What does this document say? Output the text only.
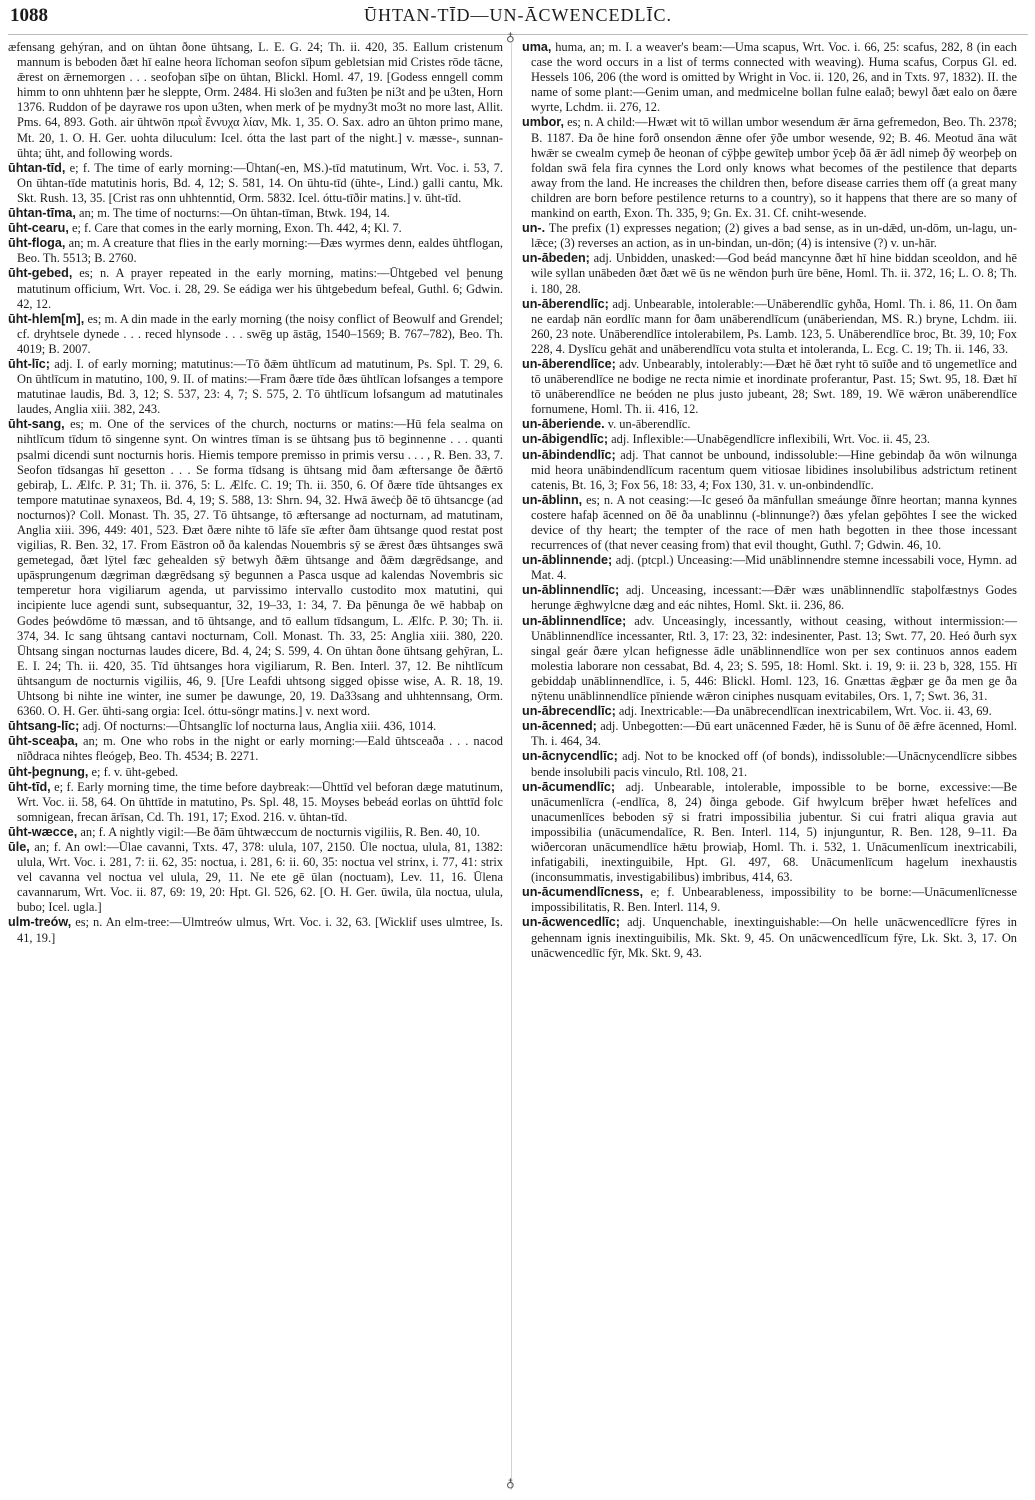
1088	ŪHTAN-TĪD—UN-ĀCWENCEDLĪC.
♁

æfensang gehýran, and on ūhtan ðone ūhtsang, L. E. G. 24; Th. ii. 420, 35. Eallum cristenum mannum is beboden ðæt hī ealne heora līchoman seofon sīþum gebletsian mid Cristes rōde tācne, ǣrest on ǣrnemorgen . . . seofoþan sīþe on ūhtan, Blickl. Homl. 47, 19. [Godess enngell comm himm to onn uhhtenn þær he sleppte, Orm. 2484. Hi slo3en and fu3ten þe ni3t and þe u3ten, Horn 1376. Ruddon of þe dayrawe ros upon u3ten, when merk of þe mydny3t mo3t no more last, Allit. Pms. 64, 893. Goth. air ūhtwōn πρωῒ ἔννυχα λίαν, Mk. 1, 35. O. Sax. adro an ūhton primo mane, Mt. 20, 1. O. H. Ger. uohta diluculum: Icel. ótta the last part of the night.] v. mæsse-, sunnan-ūhta; ūht, and following words.

ūhtan-tīd, e; f. The time of early morning:—Ūhtan(-en, MS.)-tīd matutinum, Wrt. Voc. i. 53, 7. On ūhtan-tīde matutinis horis, Bd. 4, 12; S. 581, 14. On ūhtu-tīd (ūhte-, Lind.) galli cantu, Mk. Skt. Rush. 13, 35. [Crist ras onn uhhtenntid, Orm. 5832. Icel. óttu-tīðir matins.] v. ūht-tīd.

ūhtan-tīma, an; m. The time of nocturns:—On ūhtan-tīman, Btwk. 194, 14.

ūht-cearu, e; f. Care that comes in the early morning, Exon. Th. 442, 4; Kl. 7.

ūht-floga, an; m. A creature that flies in the early morning:—Ðæs wyrmes denn, ealdes ūhtflogan, Beo. Th. 5513; B. 2760.

ūht-gebed, es; n. A prayer repeated in the early morning, matins:—Ūhtgebed vel þenung matutinum officium, Wrt. Voc. i. 28, 29. Se eádiga wer his ūhtgebedum befeal, Guthl. 6; Gdwin. 42, 12.

ūht-hlem[m], es; m. A din made in the early morning (the noisy conflict of Beowulf and Grendel; cf. dryhtsele dynede . . . reced hlynsode . . . swēg up āstāg, 1540–1569; B. 767–782), Beo. Th. 4019; B. 2007.

ūht-līc; adj. I. of early morning; matutinus:—Tō ðǣm ūhtlīcum ad matutinum, Ps. Spl. T. 29, 6. On ūhtlīcum in matutino, 100, 9. II. of matins:—Fram ðære tīde ðæs ūhtlīcan lofsanges a tempore matutinae laudis, Bd. 3, 12; S. 537, 23: 4, 7; S. 575, 2. Tō ūhtlīcum lofsangum ad matutinales laudes, Anglia xiii. 382, 243.

ūht-sang, es; m. One of the services of the church, nocturns or matins:—Hū fela sealma on nihtlīcum tīdum tō singenne synt. On wintres tīman is se ūhtsang þus tō beginnenne . . . quanti psalmi dicendi sunt nocturnis horis. Hiemis tempore premisso in primis versu . . . , R. Ben. 33, 7. Seofon tīdsangas hī gesetton . . . Se forma tīdsang is ūhtsang mid ðam æftersange ðe ðǣrtō gebiraþ, L. Ælfc. P. 31; Th. ii. 376, 5: L. Ælfc. C. 19; Th. ii. 350, 6. Of ðære tīde ūhtsanges ex tempore matutinae synaxeos, Bd. 4, 19; S. 588, 13: Shrn. 94, 32. Hwā āweċþ ðē tō ūhtsancge (ad nocturnos)? Coll. Monast. Th. 35, 27. Tō ūhtsange, tō æftersange ad nocturnam, ad matutinam, Anglia xiii. 396, 449: 401, 523. Ðæt ðære nihte tō lāfe sīe æfter ðam ūhtsange quod restat post vigilias, R. Ben. 32, 17. From Eāstron oð ða kalendas Nouembris sȳ se ǣrest ðæs ūhtsanges swā gemetegad, ðæt lȳtel fæc gehealden sȳ betwyh ðǣm ūhtsange and ðǣm dægrēdsange, and upāsprungenum dægriman dægrēdsang sȳ begunnen a Pasca usque ad kalendas Novembris sic temperetur hora vigiliarum agenda, ut parvissimo intervallo custodito mox matutini, qui incipiente luce agendi sunt, subsequantur, 32, 19–33, 1: 34, 7. Ða þēnunga ðe wē habbaþ on Godes þeówdōme tō mæssan, and tō ūhtsange, and tō eallum tīdsangum, L. Ælfc. P. 30; Th. ii. 374, 34. Ic sang ūhtsang cantavi nocturnam, Coll. Monast. Th. 33, 25: Anglia xiii. 380, 220. Ūhtsang singan nocturnas laudes dicere, Bd. 4, 24; S. 599, 4. On ūhtan ðone ūhtsang gehȳran, L. E. I. 24; Th. ii. 420, 35. Tīd ūhtsanges hora vigiliarum, R. Ben. Interl. 37, 12. Be nihtlīcum ūhtsangum de nocturnis vigiliis, 46, 9. [Ure Leafdi uhtsong sigged oþisse wise, A. R. 18, 19. Uhtsong bi nihte ine winter, ine sumer þe dawunge, 20, 19. Da33sang and uhhtennsang, Orm. 6360. O. H. Ger. ūhti-sang orgia: Icel. óttu-söngr matins.] v. next word.

ūhtsang-līc; adj. Of nocturns:—Ūhtsanglīc lof nocturna laus, Anglia xiii. 436, 1014.

ūht-sceaþa, an; m. One who robs in the night or early morning:—Eald ūhtsceaða . . . nacod nīðdraca nihtes fleógeþ, Beo. Th. 4534; B. 2271.

ūht-þegnung, e; f. v. ūht-gebed.

ūht-tīd, e; f. Early morning time, the time before daybreak:—Ūhttīd vel beforan dæge matutinum, Wrt. Voc. ii. 58, 64. On ūhttīde in matutino, Ps. Spl. 48, 15. Moyses bebeád eorlas on ūhttīd folc somnigean, frecan ārīsan, Cd. Th. 191, 17; Exod. 216. v. ūhtan-tīd.

ūht-wæcce, an; f. A nightly vigil:—Be ðām ūhtwæccum de nocturnis vigiliis, R. Ben. 40, 10.

ūle, an; f. An owl:—Ūlae cavanni, Txts. 47, 378: ulula, 107, 2150. Ūle noctua, ulula, 81, 1382: ulula, Wrt. Voc. i. 281, 7: ii. 62, 35: noctua, i. 281, 6: ii. 60, 35: noctua vel strinx, i. 77, 41: strix vel cavanna vel noctua vel ulula, 29, 11. Ne ete gē ūlan (noctuam), Lev. 11, 16. Ūlena cavannarum, Wrt. Voc. ii. 87, 69: 19, 20: Hpt. Gl. 526, 62. [O. H. Ger. ūwila, ūla noctua, ulula, bubo; Icel. ugla.]

ulm-treów, es; n. An elm-tree:—Ulmtreów ulmus, Wrt. Voc. i. 32, 63. [Wicklif uses ulmtree, Is. 41, 19.]

uma, huma, an; m. I. a weaver's beam:—Uma scapus, Wrt. Voc. i. 66, 25: scafus, 282, 8 (in each case the word occurs in a list of terms connected with weaving). Huma scafus, Corpus Gl. ed. Hessels 106, 206 (the word is omitted by Wright in Voc. ii. 120, 26, and in Txts. 97, 1832). II. the name of some plant:—Genim uman, and medmicelne bollan fulne ealað; bewyl ðæt ealo on ðære wyrte, Lchdm. ii. 276, 12.

umbor, es; n. A child:—Hwæt wit tō willan umbor wesendum ǣr ārna gefremedon, Beo. Th. 2378; B. 1187. Ða ðe hine forð onsendon ǣnne ofer ȳðe umbor wesende, 92; B. 46. Meotud āna wāt hwǣr se cwealm cymeþ ðe heonan of cȳþþe gewīteþ umbor ȳceþ ðā ǣr ādl nimeþ ðȳ weorþeþ on foldan swā fela fira cynnes the Lord only knows what becomes of the pestilence that departs away from the land. He increases the children then, before disease carries them off (a great many children are born before pestilence returns to a country), so it happens that there are so many of mankind on earth, Exon. Th. 335, 9; Gn. Ex. 31. Cf. cniht-wesende.

un-. The prefix (1) expresses negation; (2) gives a bad sense, as in un-dǣd, un-dōm, un-lagu, un-lǣce; (3) reverses an action, as in un-bindan, un-dōn; (4) is intensive (?) v. un-hār.

un-ābeden; adj. Unbidden, unasked:—God beád mancynne ðæt hī hine biddan sceoldon, and hē wile syllan unābeden ðæt ðæt wē ūs ne wēndon þurh ūre bēne, Homl. Th. ii. 372, 16; L. O. 8; Th. i. 180, 28.

un-āberendlīc; adj. Unbearable, intolerable:—Unāberendlīc gyhða, Homl. Th. i. 86, 11. On ðam ne eardaþ nān eordlīc mann for ðam unāberendlīcum (unāberiendan, MS. R.) bryne, Lchdm. iii. 260, 23 note. Unāberendlīce intolerabilem, Ps. Lamb. 123, 5. Unāberendlīce broc, Bt. 39, 10; Fox 228, 4. Dyslīcu gehāt and unāberendlīcu vota stulta et intoleranda, L. Ecg. C. 19; Th. ii. 146, 33.

un-āberendlīce; adv. Unbearably, intolerably:—Ðæt hē ðæt ryht tō suīðe and tō ungemetlīce and tō unāberendlīce ne bodige ne recta nimie et inordinate proferantur, Past. 15; Swt. 95, 18. Ðæt hī tō unāberendlīce ne beóden ne plus justo jubeant, 28; Swt. 189, 19. Wē wǣron unāberendlīce fornumene, Homl. Th. ii. 416, 12.

un-āberiende. v. un-āberendlīc.

un-ābigendlīc; adj. Inflexible:—Unabēgendlīcre inflexibili, Wrt. Voc. ii. 45, 23.

un-ābindendlīc; adj. That cannot be unbound, indissoluble:—Hine gebindaþ ða wōn wilnunga mid heora unābindendlīcum racentum quem vitiosae libidines insolubilibus adstrictum retinent catenis, Bt. 16, 3; Fox 56, 18: 33, 4; Fox 130, 31. v. un-onbindendlīc.

un-āblinn, es; n. A not ceasing:—Ic geseó ða mānfullan smeáunge ðīnre heortan; manna kynnes costere hafaþ ācenned on ðē ða unablinnu (-blinnunge?) ðæs yfelan geþōhtes I see the wicked device of thy heart; the tempter of the race of men hath begotten in thee those incessant recurrences of (that never ceasing from) that evil thought, Guthl. 7; Gdwin. 46, 10.

un-āblinnende; adj. (ptcpl.) Unceasing:—Mid unāblinnendre stemne incessabili voce, Hymn. ad Mat. 4.

un-āblinnendlīc; adj. Unceasing, incessant:—Ðǣr wæs unāblinnendlīc staþolfæstnys Godes herunge ǣghwylcne dæg and eác nihtes, Homl. Skt. ii. 236, 86.

un-āblinnendlīce; adv. Unceasingly, incessantly, without ceasing, without intermission:—Unāblinnendlīce incessanter, Rtl. 3, 17: 23, 32: indesinenter, Past. 13; Swt. 77, 20. Heó ðurh syx singal geár ðære ylcan hefignesse ādle unāblinnendlīce won per sex continuos annos eadem molestia laborare non cessabat, Bd. 4, 23; S. 595, 18: Homl. Skt. i. 19, 9: ii. 23 b, 328, 155. Hī gebiddaþ unāblinnendlīce, i. 5, 446: Blickl. Homl. 123, 16. Gnættas ǣgþær ge ða men ge ða nȳtenu unāblinnendlīce pīniende wǣron ciniphes nusquam evitabiles, Ors. 1, 7; Swt. 36, 31.

un-ābrecendlīc; adj. Inextricable:—Ða unābrecendlīcan inextricabilem, Wrt. Voc. ii. 43, 69.

un-ācenned; adj. Unbegotten:—Ðū eart unācenned Fæder, hē is Sunu of ðē ǣfre ācenned, Homl. Th. i. 464, 34.

un-ācnycendlīc; adj. Not to be knocked off (of bonds), indissoluble:—Unācnycendlīcre sibbes bende insolubili pacis vinculo, Rtl. 108, 21.

un-ācumendlīc; adj. Unbearable, intolerable, impossible to be borne, excessive:—Be unācumenlīcra (-endlīca, 8, 24) ðinga gebode. Gif hwylcum brēþer hwæt hefelīces and unacumenlīces beboden sȳ si fratri impossibilia jubentur. Si cui fratri aliqua gravia aut impossibilia (unācumendalīce, R. Ben. Interl. 114, 5) injunguntur, R. Ben. 128, 9–11. Ða wiðercoran unācumendlīce hǣtu þrowiaþ, Homl. Th. i. 532, 1. Unācumenlīcum inextricabili, infatigabili, inextinguibile, Hpt. Gl. 497, 68. Unācumenlīcum hagelum inexhaustis (inconsummatis, investigabilibus) imbribus, 414, 63.

un-ācumendlīcness, e; f. Unbearableness, impossibility to be borne:—Unācumenlīcnesse impossibilitatis, R. Ben. Interl. 114, 9.

un-ācwencedlīc; adj. Unquenchable, inextinguishable:—On helle unācwencedlīcre fȳres in gehennam ignis inextinguibilis, Mk. Skt. 9, 45. On unācwencedlīcum fȳre, Lk. Skt. 3, 17. On unācwencedlīc fȳr, Mk. Skt. 9, 43.

♁
